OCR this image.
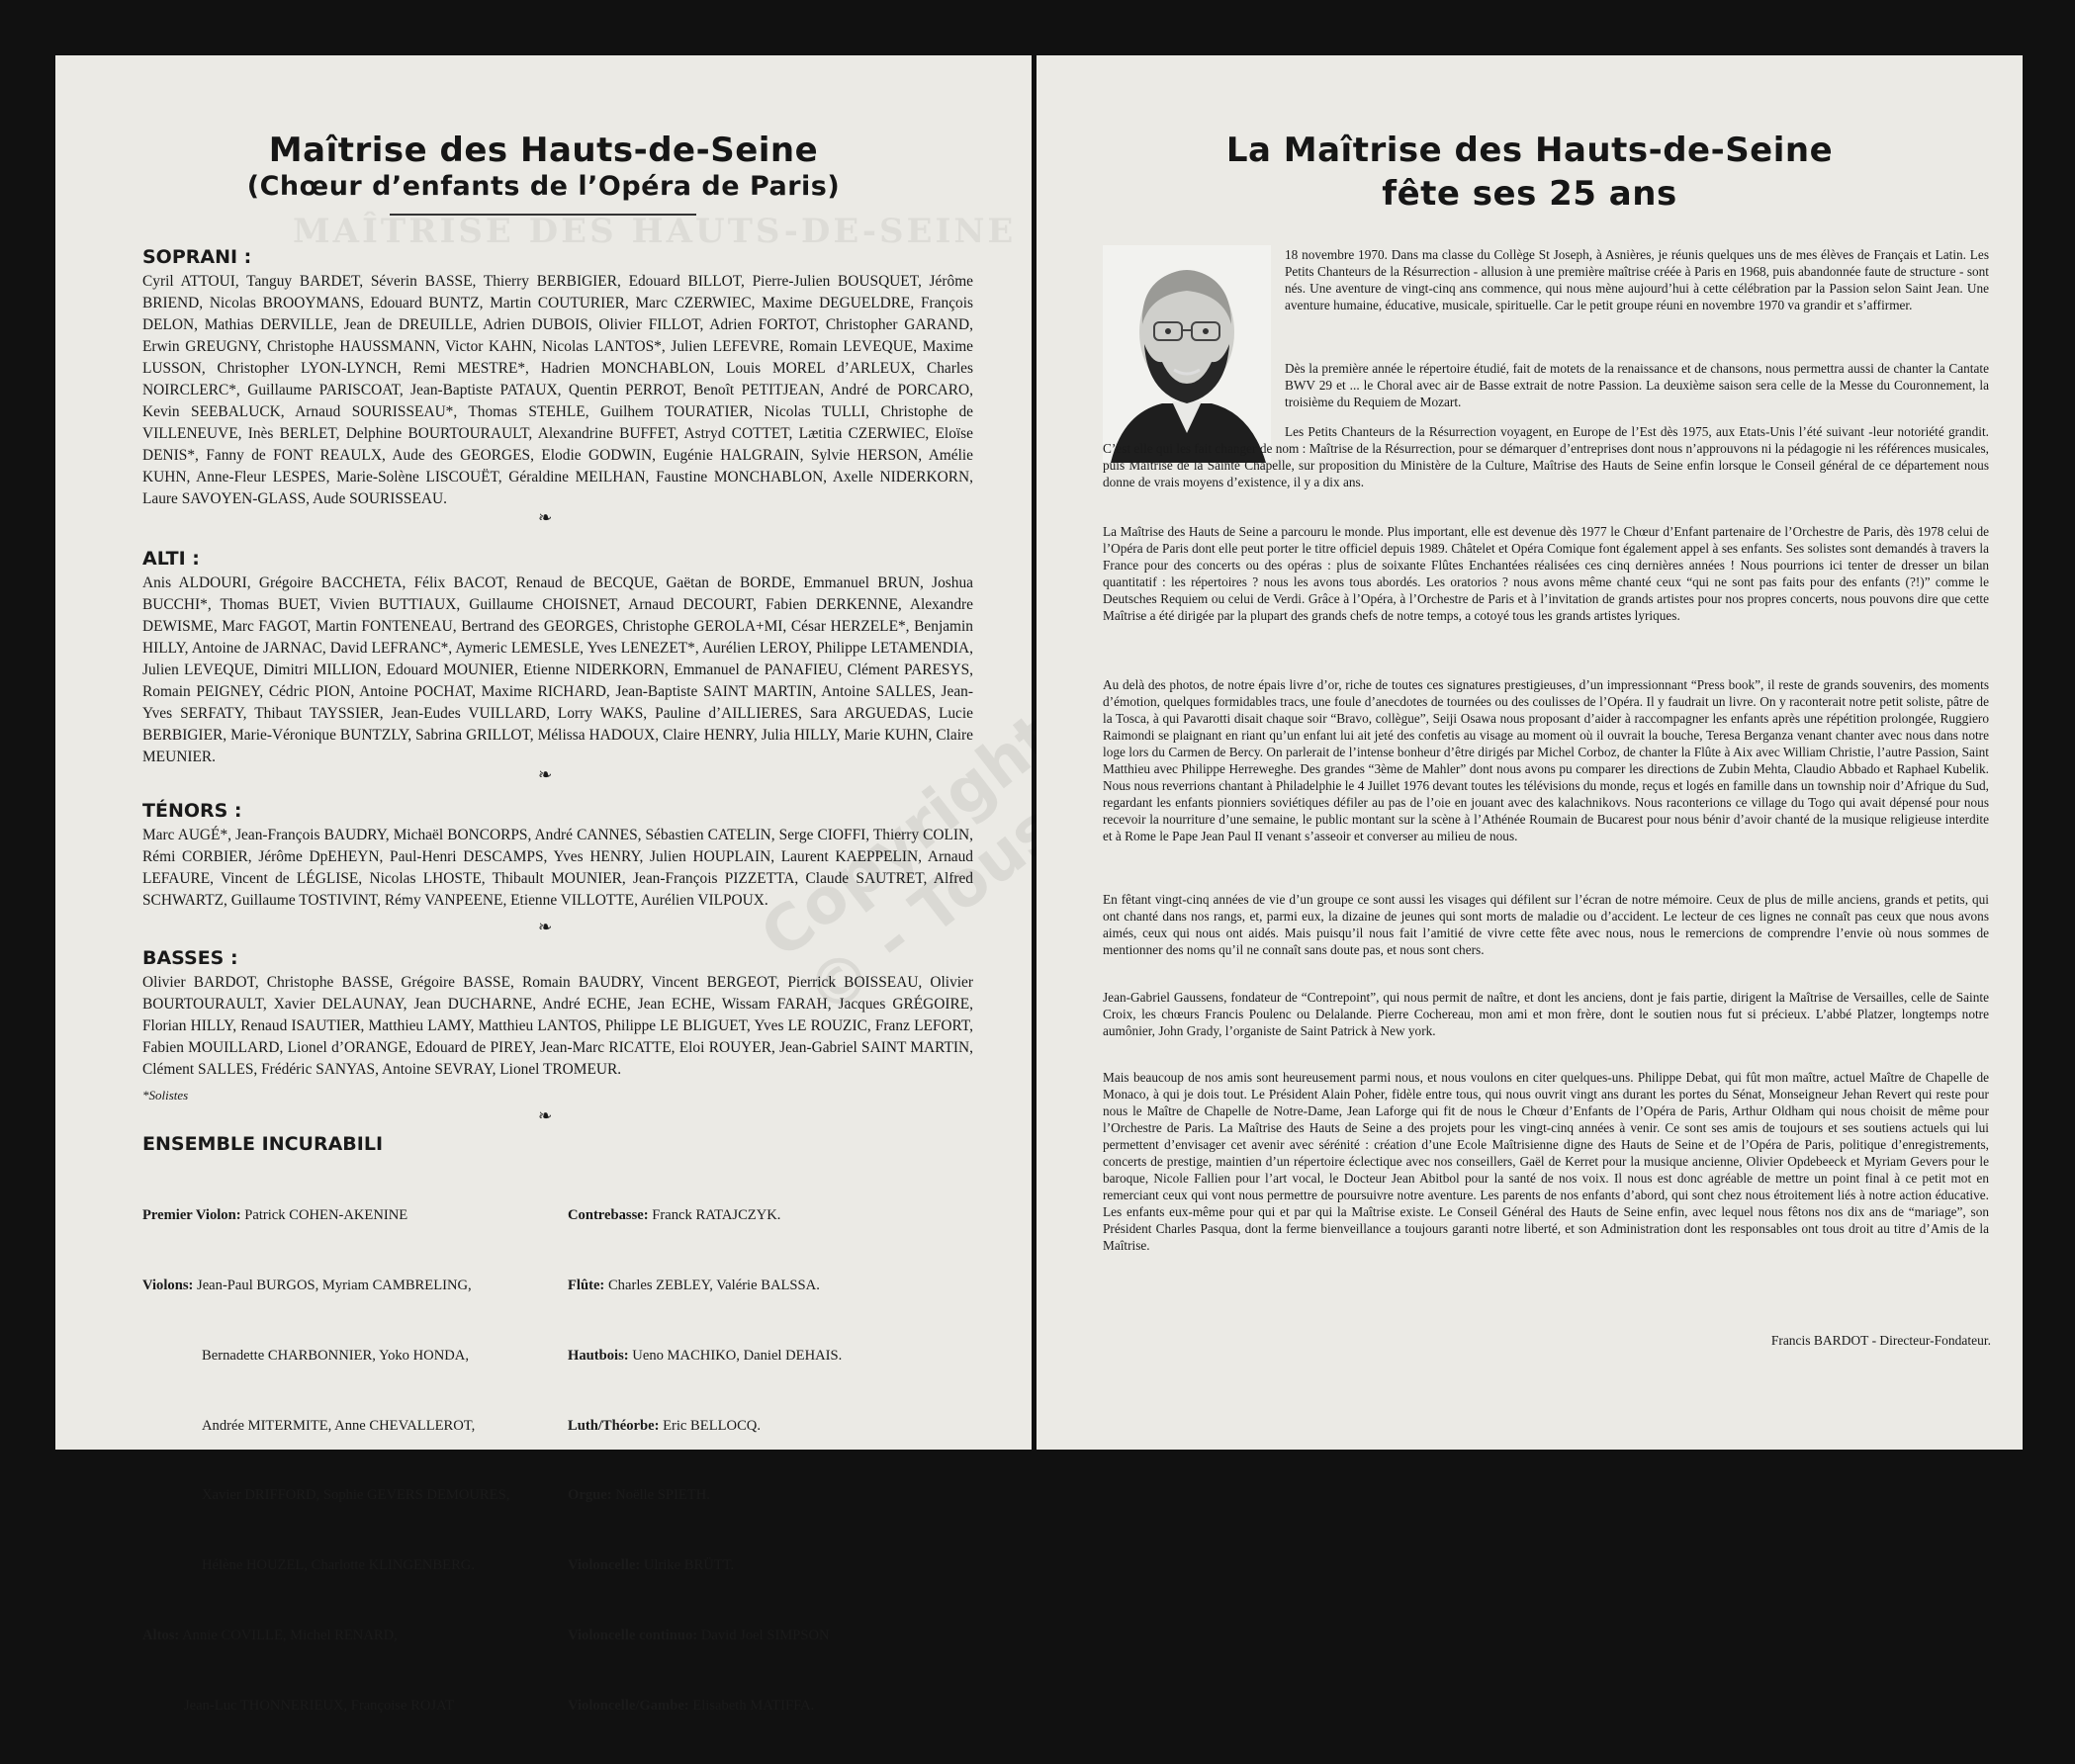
MAÎTRISE DES HAUTS-DE-SEINE
Maîtrise des Hauts-de-Seine
(Chœur d’enfants de l’Opéra de Paris)
SOPRANI :
Cyril ATTOUI, Tanguy BARDET, Séverin BASSE, Thierry BERBIGIER, Edouard BILLOT, Pierre-Julien BOUSQUET, Jérôme BRIEND, Nicolas BROOYMANS, Edouard BUNTZ, Martin COUTURIER, Marc CZERWIEC, Maxime DEGUELDRE, François DELON, Mathias DERVILLE, Jean de DREUILLE, Adrien DUBOIS, Olivier FILLOT, Adrien FORTOT, Christopher GARAND, Erwin GREUGNY, Christophe HAUSSMANN, Victor KAHN, Nicolas LANTOS*, Julien LEFEVRE, Romain LEVEQUE, Maxime LUSSON, Christopher LYON-LYNCH, Remi MESTRE*, Hadrien MONCHABLON, Louis MOREL d’ARLEUX, Charles NOIRCLERC*, Guillaume PARISCOAT, Jean-Baptiste PATAUX, Quentin PERROT, Benoît PETITJEAN, André de PORCARO, Kevin SEEBALUCK, Arnaud SOURISSEAU*, Thomas STEHLE, Guilhem TOURATIER, Nicolas TULLI, Christophe de VILLENEUVE, Inès BERLET, Delphine BOURTOURAULT, Alexandrine BUFFET, Astryd COTTET, Lætitia CZERWIEC, Eloïse DENIS*, Fanny de FONT REAULX, Aude des GEORGES, Elodie GODWIN, Eugénie HALGRAIN, Sylvie HERSON, Amélie KUHN, Anne-Fleur LESPES, Marie-Solène LISCOUËT, Géraldine MEILHAN, Faustine MONCHABLON, Axelle NIDERKORN, Laure SAVOYEN-GLASS, Aude SOURISSEAU.
❧
ALTI :
Anis ALDOURI, Grégoire BACCHETA, Félix BACOT, Renaud de BECQUE, Gaëtan de BORDE, Emmanuel BRUN, Joshua BUCCHI*, Thomas BUET, Vivien BUTTIAUX, Guillaume CHOISNET, Arnaud DECOURT, Fabien DERKENNE, Alexandre DEWISME, Marc FAGOT, Martin FONTENEAU, Bertrand des GEORGES, Christophe GEROLA+MI, César HERZELE*, Benjamin HILLY, Antoine de JARNAC, David LEFRANC*, Aymeric LEMESLE, Yves LENEZET*, Aurélien LEROY, Philippe LETAMENDIA, Julien LEVEQUE, Dimitri MILLION, Edouard MOUNIER, Etienne NIDERKORN, Emmanuel de PANAFIEU, Clément PARESYS, Romain PEIGNEY, Cédric PION, Antoine POCHAT, Maxime RICHARD, Jean-Baptiste SAINT MARTIN, Antoine SALLES, Jean-Yves SERFATY, Thibaut TAYSSIER, Jean-Eudes VUILLARD, Lorry WAKS, Pauline d’AILLIERES, Sara ARGUEDAS, Lucie BERBIGIER, Marie-Véronique BUNTZLY, Sabrina GRILLOT, Mélissa HADOUX, Claire HENRY, Julia HILLY, Marie KUHN, Claire MEUNIER.
❧
TÉNORS :
Marc AUGÉ*, Jean-François BAUDRY, Michaël BONCORPS, André CANNES, Sébastien CATELIN, Serge CIOFFI, Thierry COLIN, Rémi CORBIER, Jérôme DpEHEYN, Paul-Henri DESCAMPS, Yves HENRY, Julien HOUPLAIN, Laurent KAEPPELIN, Arnaud LEFAURE, Vincent de LÉGLISE, Nicolas LHOSTE, Thibault MOUNIER, Jean-François PIZZETTA, Claude SAUTRET, Alfred SCHWARTZ, Guillaume TOSTIVINT, Rémy VANPEENE, Etienne VILLOTTE, Aurélien VILPOUX.
❧
BASSES :
Olivier BARDOT, Christophe BASSE, Grégoire BASSE, Romain BAUDRY, Vincent BERGEOT, Pierrick BOISSEAU, Olivier BOURTOURAULT, Xavier DELAUNAY, Jean DUCHARNE, André ECHE, Jean ECHE, Wissam FARAH, Jacques GRÉGOIRE, Florian HILLY, Renaud ISAUTIER, Matthieu LAMY, Matthieu LANTOS, Philippe LE BLIGUET, Yves LE ROUZIC, Franz LEFORT, Fabien MOUILLARD, Lionel d’ORANGE, Edouard de PIREY, Jean-Marc RICATTE, Eloi ROUYER, Jean-Gabriel SAINT MARTIN, Clément SALLES, Frédéric SANYAS, Antoine SEVRAY, Lionel TROMEUR.
*Solistes
❧
ENSEMBLE INCURABILI

Premier Violon: Patrick COHEN-AKENINE

Violons: Jean-Paul BURGOS, Myriam CAMBRELING,

Bernadette CHARBONNIER, Yoko HONDA,

Andrée MITERMITE, Anne CHEVALLEROT,

Xavier DRIFFORD, Sophie GEVERS DEMOURES,

Hélène HOUZEL, Charlotte KLINGENBERG.

Altos: Annie COVILLE, Michel RENARD,

Jean-Luc THONNERIEUX, Françoise ROJAT

Contrebasse: Franck RATAJCZYK.

Flûte: Charles ZEBLEY, Valérie BALSSA.

Hautbois: Ueno MACHIKO, Daniel DEHAIS.

Luth/Théorbe: Eric BELLOCQ.

Orgue: Noëlle SPIETH.

Violoncelle: Ulrike BRÜTT.

Violoncelle continuo: David Joel SIMPSON

Violoncelle/Gambe: Elisabeth MATIFFA.

Copyright © - Tous
La Maîtrise des Hauts-de-Seine
fête ses 25 ans
18 novembre 1970. Dans ma classe du Collège St Joseph, à Asnières, je réunis quelques uns de mes élèves de Français et Latin. Les Petits Chanteurs de la Résurrection - allusion à une première maîtrise créée à Paris en 1968, puis abandonnée faute de structure - sont nés. Une aventure de vingt-cinq ans commence, qui nous mène aujourd’hui à cette célébration par la Passion selon Saint Jean. Une aventure humaine, éducative, musicale, spirituelle. Car le petit groupe réuni en novembre 1970 va grandir et s’affirmer.
Dès la première année le répertoire étudié, fait de motets de la renaissance et de chansons, nous permettra aussi de chanter la Cantate BWV 29 et ... le Choral avec air de Basse extrait de notre Passion. La deuxième saison sera celle de la Messe du Couronnement, la troisième du Requiem de Mozart.
Les Petits Chanteurs de la Résurrection voyagent, en Europe de l’Est dès 1975, aux Etats-Unis l’été suivant -leur notoriété grandit. C’est elle qui les fait changer de nom : Maîtrise de la Résurrection, pour se démarquer d’entreprises dont nous n’approuvons ni la pédagogie ni les références musicales, puis Maîtrise de la Sainte Chapelle, sur proposition du Ministère de la Culture, Maîtrise des Hauts de Seine enfin lorsque le Conseil général de ce département nous donne de vrais moyens d’existence, il y a dix ans.
La Maîtrise des Hauts de Seine a parcouru le monde. Plus important, elle est devenue dès 1977 le Chœur d’Enfant partenaire de l’Orchestre de Paris, dès 1978 celui de l’Opéra de Paris dont elle peut porter le titre officiel depuis 1989. Châtelet et Opéra Comique font également appel à ses enfants. Ses solistes sont demandés à travers la France pour des concerts ou des opéras : plus de soixante Flûtes Enchantées réalisées ces cinq dernières années ! Nous pourrions ici tenter de dresser un bilan quantitatif : les répertoires ? nous les avons tous abordés. Les oratorios ? nous avons même chanté ceux “qui ne sont pas faits pour des enfants (?!)” comme le Deutsches Requiem ou celui de Verdi. Grâce à l’Opéra, à l’Orchestre de Paris et à l’invitation de grands artistes pour nos propres concerts, nous pouvons dire que cette Maîtrise a été dirigée par la plupart des grands chefs de notre temps, a cotoyé tous les grands artistes lyriques.
Au delà des photos, de notre épais livre d’or, riche de toutes ces signatures prestigieuses, d’un impressionnant “Press book”, il reste de grands souvenirs, des moments d’émotion, quelques formidables tracs, une foule d’anecdotes de tournées ou des coulisses de l’Opéra. Il y faudrait un livre. On y raconterait notre petit soliste, pâtre de la Tosca, à qui Pavarotti disait chaque soir “Bravo, collègue”, Seiji Osawa nous proposant d’aider à raccompagner les enfants après une répétition prolongée, Ruggiero Raimondi se plaignant en riant qu’un enfant lui ait jeté des confetis au visage au moment où il ouvrait la bouche, Teresa Berganza venant chanter avec nous dans notre loge lors du Carmen de Bercy. On parlerait de l’intense bonheur d’être dirigés par Michel Corboz, de chanter la Flûte à Aix avec William Christie, l’autre Passion, Saint Matthieu avec Philippe Herreweghe. Des grandes “3ème de Mahler” dont nous avons pu comparer les directions de Zubin Mehta, Claudio Abbado et Raphael Kubelik. Nous nous reverrions chantant à Philadelphie le 4 Juillet 1976 devant toutes les télévisions du monde, reçus et logés en famille dans un township noir d’Afrique du Sud, regardant les enfants pionniers soviétiques défiler au pas de l’oie en jouant avec des kalachnikovs. Nous raconterions ce village du Togo qui avait dépensé pour nous recevoir la nourriture d’une semaine, le public montant sur la scène à l’Athénée Roumain de Bucarest pour nous bénir d’avoir chanté de la musique religieuse interdite et à Rome le Pape Jean Paul II venant s’asseoir et converser au milieu de nous.
En fêtant vingt-cinq années de vie d’un groupe ce sont aussi les visages qui défilent sur l’écran de notre mémoire. Ceux de plus de mille anciens, grands et petits, qui ont chanté dans nos rangs, et, parmi eux, la dizaine de jeunes qui sont morts de maladie ou d’accident. Le lecteur de ces lignes ne connaît pas ceux que nous avons aimés, ceux qui nous ont aidés. Mais puisqu’il nous fait l’amitié de vivre cette fête avec nous, nous le remercions de comprendre l’envie où nous sommes de mentionner des noms qu’il ne connaît sans doute pas, et nous sont chers.
Jean-Gabriel Gaussens, fondateur de “Contrepoint”, qui nous permit de naître, et dont les anciens, dont je fais partie, dirigent la Maîtrise de Versailles, celle de Sainte Croix, les chœurs Francis Poulenc ou Delalande. Pierre Cochereau, mon ami et mon frère, dont le soutien nous fut si précieux. L’abbé Platzer, longtemps notre aumônier, John Grady, l’organiste de Saint Patrick à New york.
Mais beaucoup de nos amis sont heureusement parmi nous, et nous voulons en citer quelques-uns. Philippe Debat, qui fût mon maître, actuel Maître de Chapelle de Monaco, à qui je dois tout. Le Président Alain Poher, fidèle entre tous, qui nous ouvrit vingt ans durant les portes du Sénat, Monseigneur Jehan Revert qui reste pour nous le Maître de Chapelle de Notre-Dame, Jean Laforge qui fit de nous le Chœur d’Enfants de l’Opéra de Paris, Arthur Oldham qui nous choisit de même pour l’Orchestre de Paris. La Maîtrise des Hauts de Seine a des projets pour les vingt-cinq années à venir. Ce sont ses amis de toujours et ses soutiens actuels qui lui permettent d’envisager cet avenir avec sérénité : création d’une Ecole Maîtrisienne digne des Hauts de Seine et de l’Opéra de Paris, politique d’enregistrements, concerts de prestige, maintien d’un répertoire éclectique avec nos conseillers, Gaël de Kerret pour la musique ancienne, Olivier Opdebeeck et Myriam Gevers pour le baroque, Nicole Fallien pour l’art vocal, le Docteur Jean Abitbol pour la santé de nos voix. Il nous est donc agréable de mettre un point final à ce petit mot en remerciant ceux qui vont nous permettre de poursuivre notre aventure. Les parents de nos enfants d’abord, qui sont chez nous étroitement liés à notre action éducative. Les enfants eux-même pour qui et par qui la Maîtrise existe. Le Conseil Général des Hauts de Seine enfin, avec lequel nous fêtons nos dix ans de “mariage”, son Président Charles Pasqua, dont la ferme bienveillance a toujours garanti notre liberté, et son Administration dont les responsables ont tous droit au titre d’Amis de la Maîtrise.
Francis BARDOT - Directeur-Fondateur.
